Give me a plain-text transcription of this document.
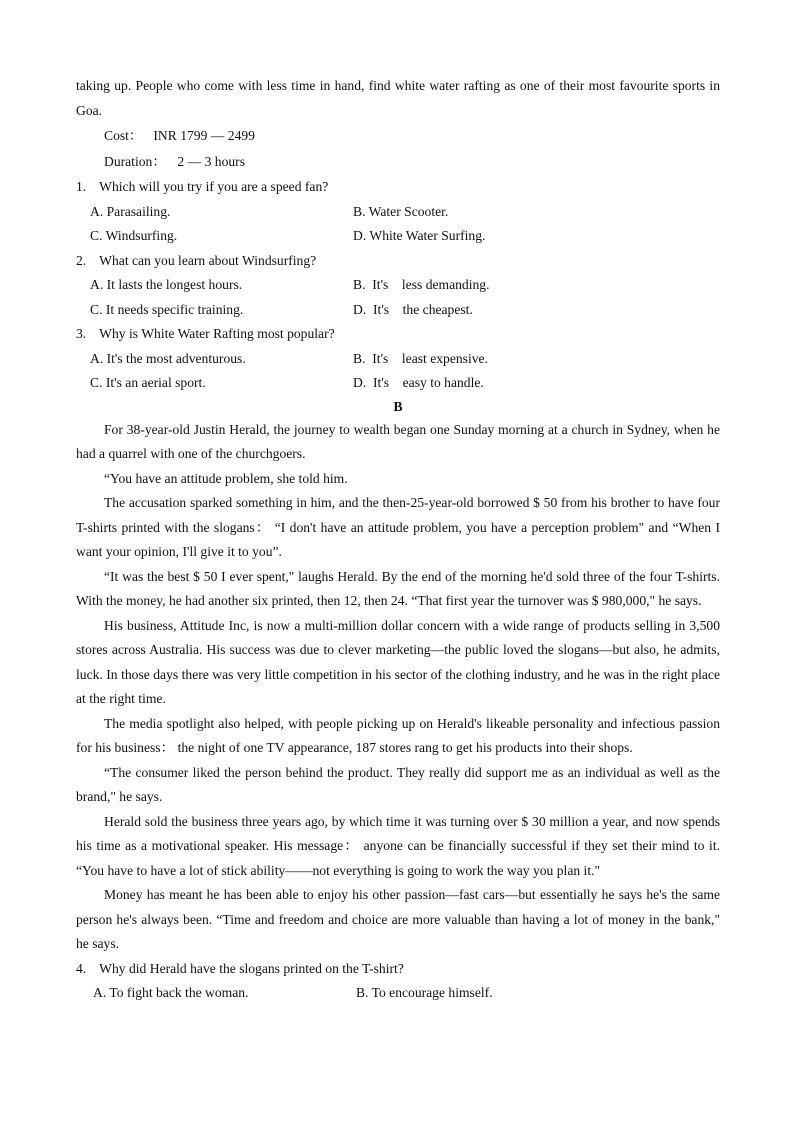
taking up. People who come with less time in hand, find white water rafting as one of their most favourite sports in Goa.

Cost： INR 1799 — 2499
Duration： 2 — 3 hours

1. Which will you try if you are a speed fan?

A. Parasailing.	B. Water Scooter.
C. Windsurfing.	D. White Water Surfing.

2. What can you learn about Windsurfing?

A. It lasts the longest hours.	B.  It's    less demanding.
C. It needs specific training.	D.  It's    the cheapest.

3. Why is White Water Rafting most popular?

A. It's the most adventurous.	B.  It's    least expensive.
C. It's an aerial sport.	D.  It's    easy to handle.

B

For 38-year-old Justin Herald, the journey to wealth began one Sunday morning at a church in Sydney, when he had a quarrel with one of the churchgoers.

“You have an attitude problem, she told him.

The accusation sparked something in him, and the then-25-year-old borrowed $ 50 from his brother to have four T-shirts printed with the slogans： “I don't have an attitude problem, you have a perception problem" and “When I want your opinion, I'll give it to you”.

“It was the best $ 50 I ever spent," laughs Herald. By the end of the morning he'd sold three of the four T-shirts. With the money, he had another six printed, then 12, then 24. “That first year the turnover was $ 980,000," he says.

His business, Attitude Inc, is now a multi-million dollar concern with a wide range of products selling in 3,500 stores across Australia. His success was due to clever marketing—the public loved the slogans—but also, he admits, luck. In those days there was very little competition in his sector of the clothing industry, and he was in the right place at the right time.

The media spotlight also helped, with people picking up on Herald's likeable personality and infectious passion for his business： the night of one TV appearance, 187 stores rang to get his products into their shops.

“The consumer liked the person behind the product. They really did support me as an individual as well as the brand," he says.

Herald sold the business three years ago, by which time it was turning over $ 30 million a year, and now spends his time as a motivational speaker. His message： anyone can be financially successful if they set their mind to it. “You have to have a lot of stick ability——not everything is going to work the way you plan it."

Money has meant he has been able to enjoy his other passion—fast cars—but essentially he says he's the same person he's always been. “Time and freedom and choice are more valuable than having a lot of money in the bank," he says.

4. Why did Herald have the slogans printed on the T-shirt?

A. To fight back the woman.	B. To encourage himself.
